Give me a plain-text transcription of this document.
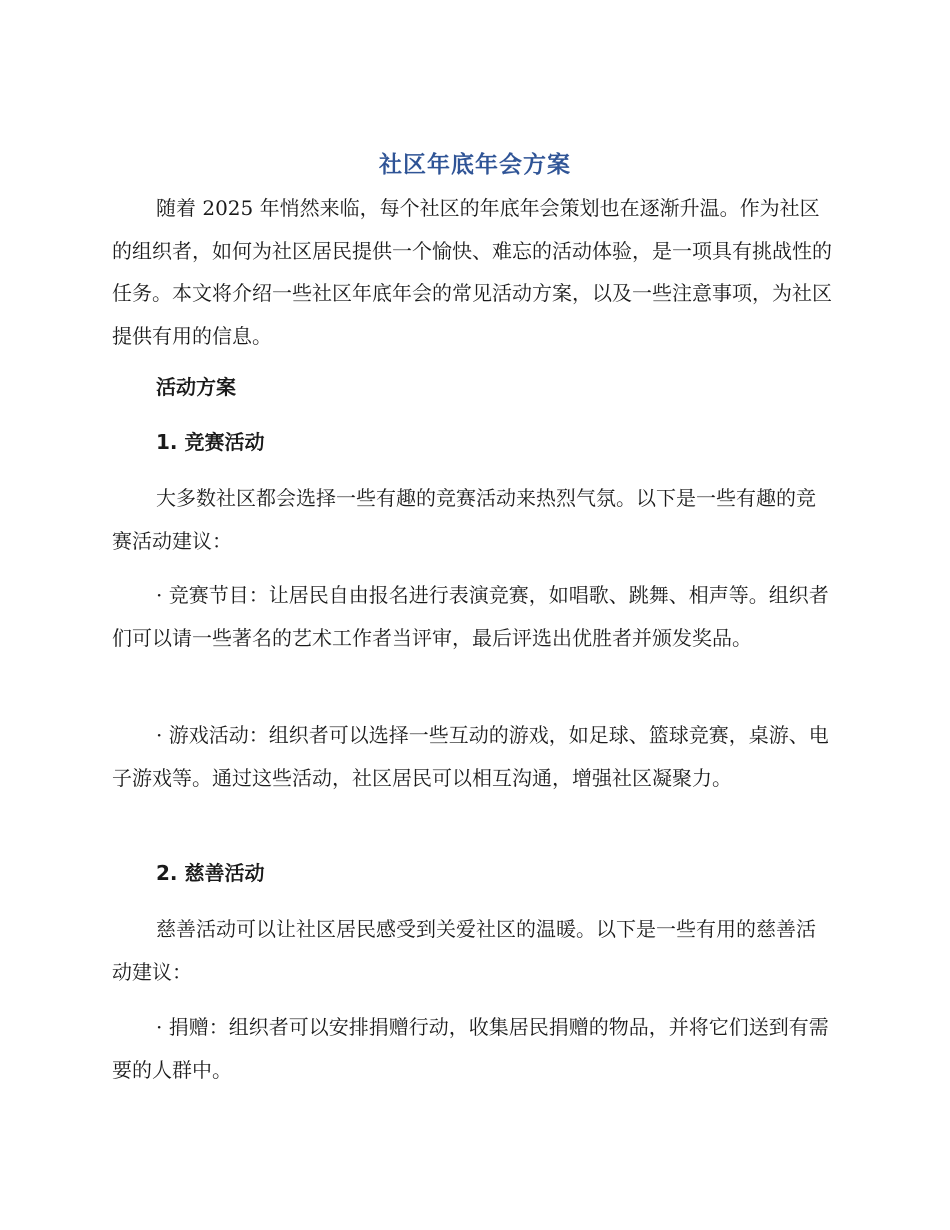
社区年底年会方案
随着 2025 年悄然来临，每个社区的年底年会策划也在逐渐升温。作为社区的组织者，如何为社区居民提供一个愉快、难忘的活动体验，是一项具有挑战性的任务。本文将介绍一些社区年底年会的常见活动方案，以及一些注意事项，为社区提供有用的信息。
活动方案
1. 竞赛活动
大多数社区都会选择一些有趣的竞赛活动来热烈气氛。以下是一些有趣的竞赛活动建议：
· 竞赛节目：让居民自由报名进行表演竞赛，如唱歌、跳舞、相声等。组织者们可以请一些著名的艺术工作者当评审，最后评选出优胜者并颁发奖品。
· 游戏活动：组织者可以选择一些互动的游戏，如足球、篮球竞赛，桌游、电子游戏等。通过这些活动，社区居民可以相互沟通，增强社区凝聚力。
2. 慈善活动
慈善活动可以让社区居民感受到关爱社区的温暖。以下是一些有用的慈善活动建议：
· 捐赠：组织者可以安排捐赠行动，收集居民捐赠的物品，并将它们送到有需要的人群中。
